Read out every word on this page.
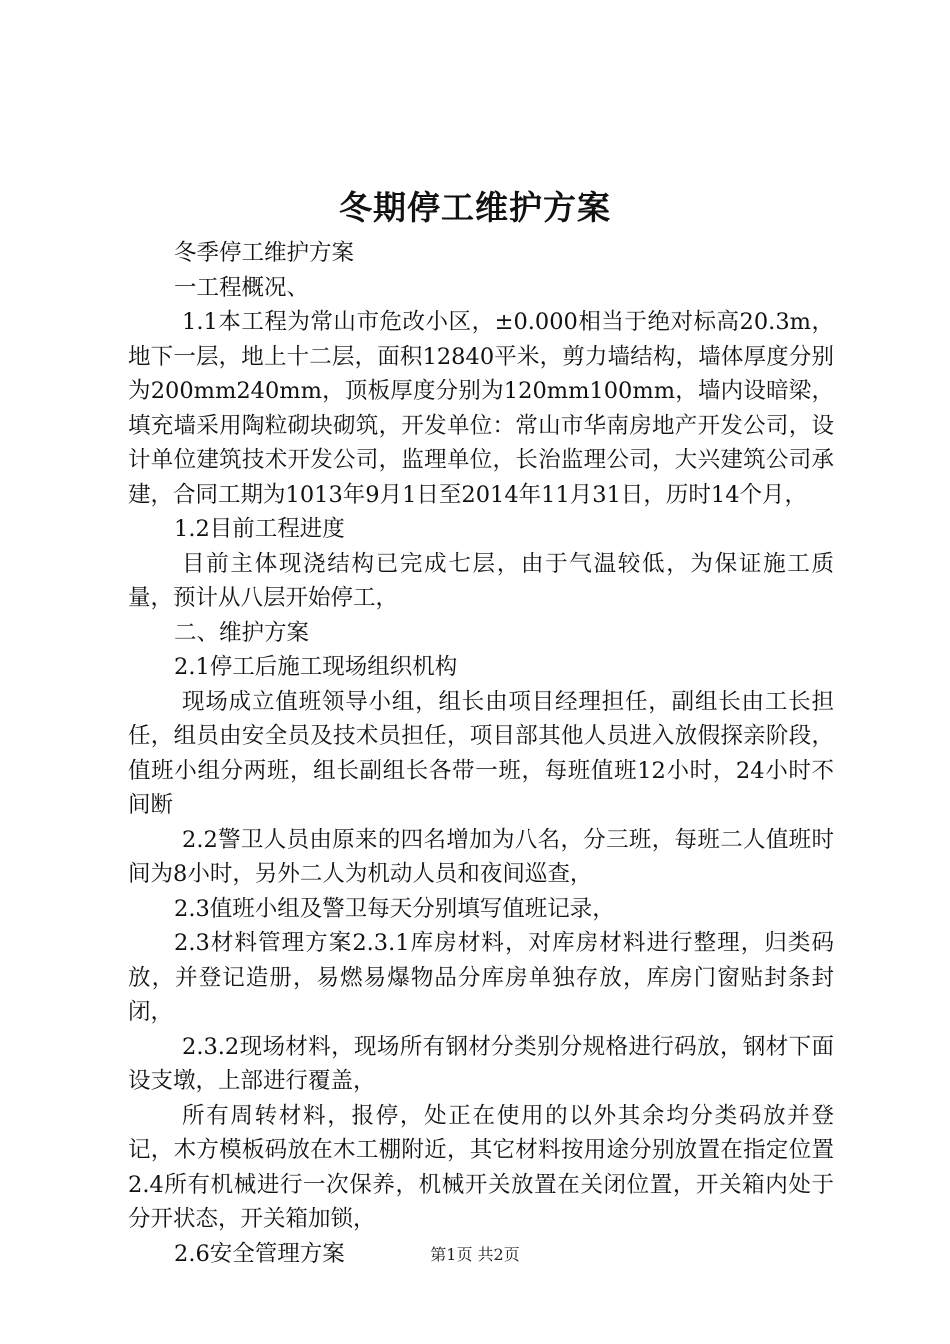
冬期停工维护方案

冬季停工维护方案

一工程概况、

1.1本工程为常山市危改小区，±0.000相当于绝对标高20.3m，地下一层，地上十二层，面积12840平米，剪力墙结构，墙体厚度分别为200mm240mm，顶板厚度分别为120mm100mm，墙内设暗梁，填充墙采用陶粒砌块砌筑，开发单位：常山市华南房地产开发公司，设计单位建筑技术开发公司，监理单位，长治监理公司，大兴建筑公司承建，合同工期为1013年9月1日至2014年11月31日，历时14个月，

1.2目前工程进度

目前主体现浇结构已完成七层，由于气温较低，为保证施工质量，预计从八层开始停工，

二、维护方案

2.1停工后施工现场组织机构

现场成立值班领导小组，组长由项目经理担任，副组长由工长担任，组员由安全员及技术员担任，项目部其他人员进入放假探亲阶段，值班小组分两班，组长副组长各带一班，每班值班12小时，24小时不间断

2.2警卫人员由原来的四名增加为八名，分三班，每班二人值班时间为8小时，另外二人为机动人员和夜间巡查，

2.3值班小组及警卫每天分别填写值班记录，

2.3材料管理方案2.3.1库房材料，对库房材料进行整理，归类码放，并登记造册，易燃易爆物品分库房单独存放，库房门窗贴封条封闭，

2.3.2现场材料，现场所有钢材分类别分规格进行码放，钢材下面设支墩，上部进行覆盖，

所有周转材料，报停，处正在使用的以外其余均分类码放并登记，木方模板码放在木工棚附近，其它材料按用途分别放置在指定位置2.4所有机械进行一次保养，机械开关放置在关闭位置，开关箱内处于分开状态，开关箱加锁，

2.6安全管理方案	第1页 共2页
